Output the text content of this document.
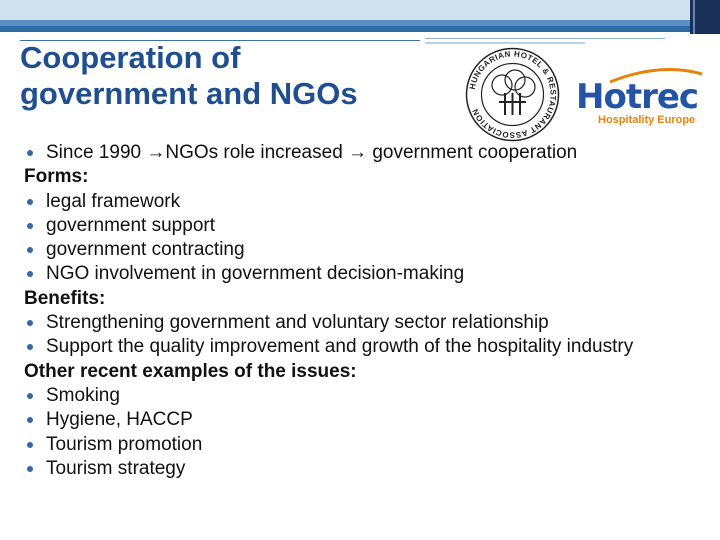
Cooperation of
government and NGOs	HUNGARIAN HOTEL & RESTAURANT ASSOCIATION	Hotrec
Hospitality Europe
Since 1990 →NGOs role increased → government cooperation
Forms:
legal framework
government support
government contracting
NGO involvement in government decision-making
Benefits:
Strengthening government and voluntary sector relationship
Support the quality improvement and growth of the hospitality industry
Other recent examples of the issues:
Smoking
Hygiene, HACCP
Tourism promotion
Tourism strategy
